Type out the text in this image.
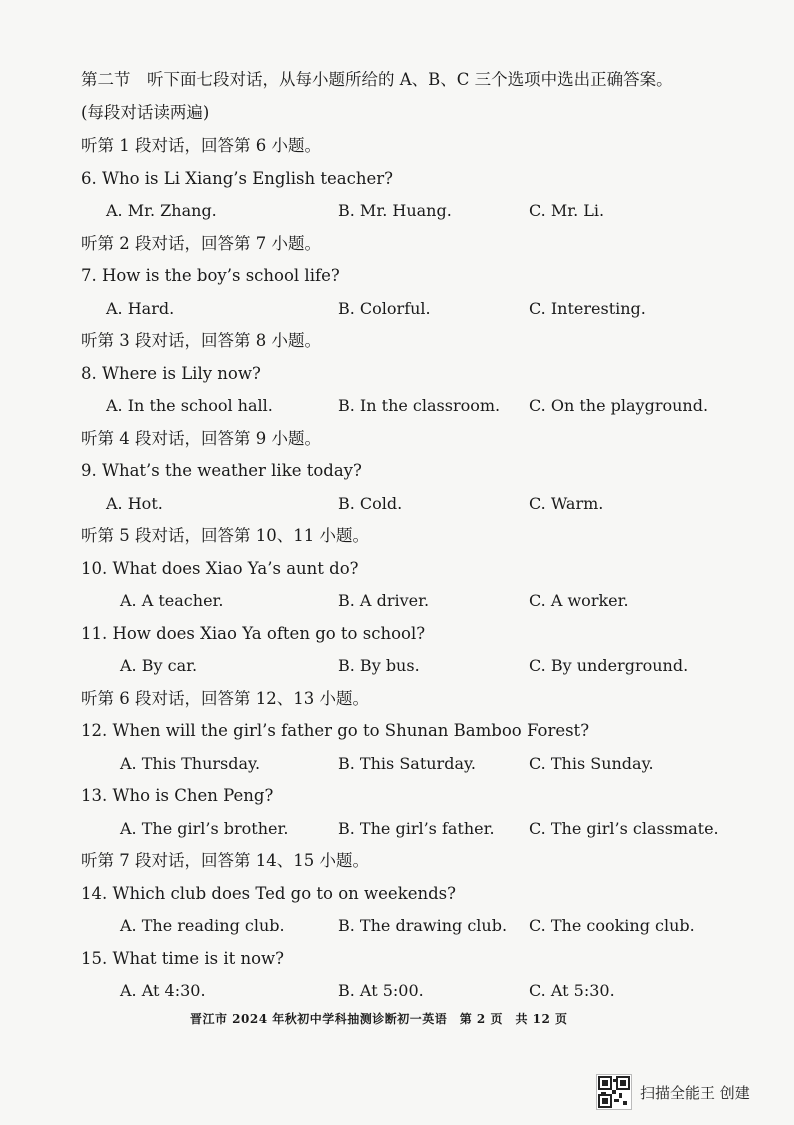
第二节　听下面七段对话，从每小题所给的 A、B、C 三个选项中选出正确答案。
(每段对话读两遍)
听第 1 段对话，回答第 6 小题。
6. Who is Li Xiang’s English teacher?
A. Mr. Zhang.	B. Mr. Huang.	C. Mr. Li.
听第 2 段对话，回答第 7 小题。
7. How is the boy’s school life?
A. Hard.	B. Colorful.	C. Interesting.
听第 3 段对话，回答第 8 小题。
8. Where is Lily now?
A. In the school hall.	B. In the classroom. C. On the playground.
听第 4 段对话，回答第 9 小题。
9. What’s the weather like today?
A. Hot.	B. Cold.	C. Warm.
听第 5 段对话，回答第 10、11 小题。
10. What does Xiao Ya’s aunt do?
A. A teacher.	B. A driver.	C. A worker.
11. How does Xiao Ya often go to school?
A. By car.	B. By bus.	C. By underground.
听第 6 段对话，回答第 12、13 小题。
12. When will the girl’s father go to Shunan Bamboo Forest?
A. This Thursday.	B. This Saturday.	C. This Sunday.
13. Who is Chen Peng?
A. The girl’s brother.	B. The girl’s father. C. The girl’s classmate.
听第 7 段对话，回答第 14、15 小题。
14. Which club does Ted go to on weekends?
A. The reading club.	B. The drawing club. C. The cooking club.
15. What time is it now?
A. At 4:30.	B. At 5:00.	C. At 5:30.
晋江市 2024 年秋初中学科抽测诊断初一英语　第 2 页　共 12 页
扫描全能王 创建
